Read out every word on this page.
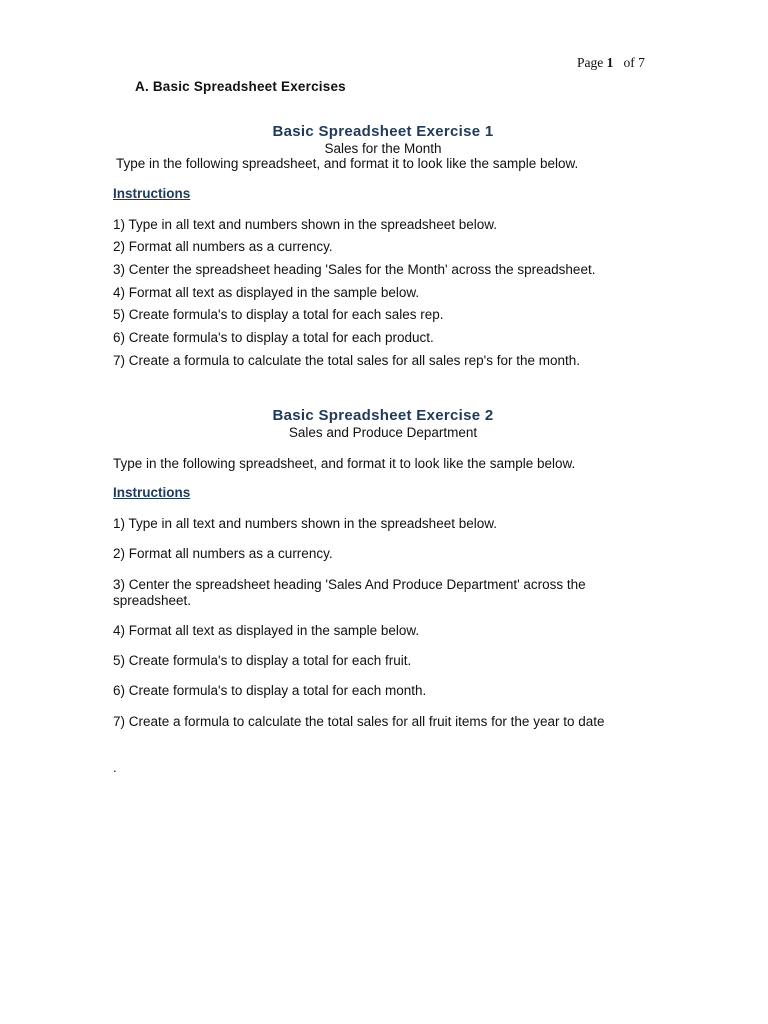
Page 1 of 7
A. Basic Spreadsheet Exercises
Basic Spreadsheet Exercise 1
Sales for the Month
Type in the following spreadsheet, and format it to look like the sample below.
Instructions
1) Type in all text and numbers shown in the spreadsheet below.
2) Format all numbers as a currency.
3) Center the spreadsheet heading 'Sales for the Month' across the spreadsheet.
4) Format all text as displayed in the sample below.
5) Create formula's to display a total for each sales rep.
6) Create formula's to display a total for each product.
7) Create a formula to calculate the total sales for all sales rep's for the month.
Basic Spreadsheet Exercise 2
Sales and Produce Department
Type in the following spreadsheet, and format it to look like the sample below.
Instructions
1) Type in all text and numbers shown in the spreadsheet below.
2) Format all numbers as a currency.
3) Center the spreadsheet heading 'Sales And Produce Department' across the spreadsheet.
4) Format all text as displayed in the sample below.
5) Create formula's to display a total for each fruit.
6) Create formula's to display a total for each month.
7) Create a formula to calculate the total sales for all fruit items for the year to date
.
